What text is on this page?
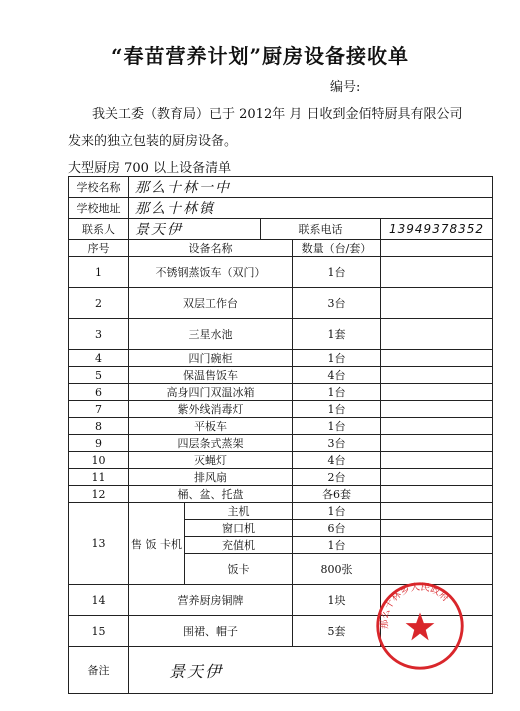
“春苗营养计划”厨房设备接收单
编号:
我关工委（教育局）已于 2012年 月 日收到金佰特厨具有限公司
发来的独立包装的厨房设备。
大型厨房 700 以上设备清单
学校名称	那么十林一中				
学校地址	那么十林镇				
联系人	景天伊		联系电话		13949378352
序号	设备名称			数量（台/套）	
1	不锈钢蒸饭车（双门）			1台	
2	双层工作台			3台	
3	三星水池			1套	
4	四门碗柜			1台	
5	保温售饭车			4台	
6	高身四门双温冰箱			1台	
7	紫外线消毒灯			1台	
8	平板车			1台	
9	四层条式蒸架			3台	
10	灭蝇灯			4台	
11	排风扇			2台	
12	桶、盆、托盘			各6套	
13	售 饭 卡机	主机		1台	
		窗口机		6台	
		充值机		1台	
		饭卡		800张	
14	营养厨房铜牌			1块	
15	围裙、帽子			5套	
备注	景天伊				
那么十林乡人民政府
